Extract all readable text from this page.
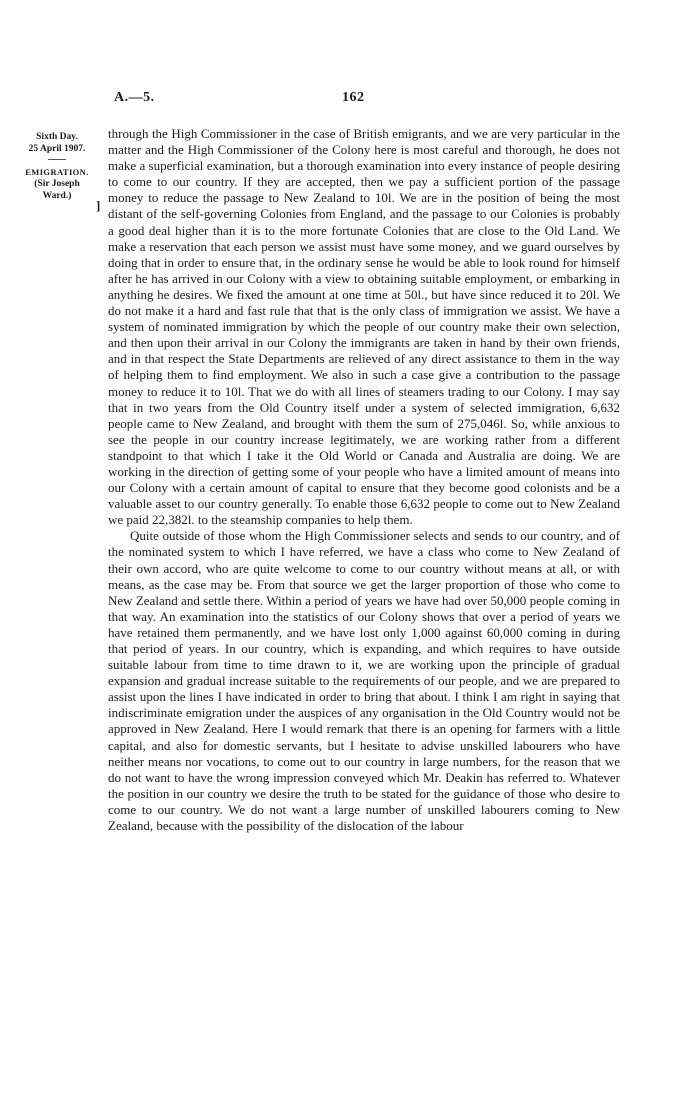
A.—5.	162
Sixth Day.
25 April 1907.
EMIGRATION.
(Sir Joseph
Ward.)
]

through the High Commissioner in the case of British emigrants, and we are very particular in the matter and the High Commissioner of the Colony here is most careful and thorough, he does not make a superficial examination, but a thorough examination into every instance of people desiring to come to our country. If they are accepted, then we pay a sufficient portion of the passage money to reduce the passage to New Zealand to 10l. We are in the position of being the most distant of the self-governing Colonies from England, and the passage to our Colonies is probably a good deal higher than it is to the more fortunate Colonies that are close to the Old Land. We make a reservation that each person we assist must have some money, and we guard ourselves by doing that in order to ensure that, in the ordinary sense he would be able to look round for himself after he has arrived in our Colony with a view to obtaining suitable employment, or embarking in anything he desires. We fixed the amount at one time at 50l., but have since reduced it to 20l. We do not make it a hard and fast rule that that is the only class of immigration we assist. We have a system of nominated immigration by which the people of our country make their own selection, and then upon their arrival in our Colony the immigrants are taken in hand by their own friends, and in that respect the State Departments are relieved of any direct assistance to them in the way of helping them to find employment. We also in such a case give a contribution to the passage money to reduce it to 10l. That we do with all lines of steamers trading to our Colony. I may say that in two years from the Old Country itself under a system of selected immigration, 6,632 people came to New Zealand, and brought with them the sum of 275,046l. So, while anxious to see the people in our country increase legitimately, we are working rather from a different standpoint to that which I take it the Old World or Canada and Australia are doing. We are working in the direction of getting some of your people who have a limited amount of means into our Colony with a certain amount of capital to ensure that they become good colonists and be a valuable asset to our country generally. To enable those 6,632 people to come out to New Zealand we paid 22,382l. to the steamship companies to help them.

Quite outside of those whom the High Commissioner selects and sends to our country, and of the nominated system to which I have referred, we have a class who come to New Zealand of their own accord, who are quite welcome to come to our country without means at all, or with means, as the case may be. From that source we get the larger proportion of those who come to New Zealand and settle there. Within a period of years we have had over 50,000 people coming in that way. An examination into the statistics of our Colony shows that over a period of years we have retained them permanently, and we have lost only 1,000 against 60,000 coming in during that period of years. In our country, which is expanding, and which requires to have outside suitable labour from time to time drawn to it, we are working upon the principle of gradual expansion and gradual increase suitable to the requirements of our people, and we are prepared to assist upon the lines I have indicated in order to bring that about. I think I am right in saying that indiscriminate emigration under the auspices of any organisation in the Old Country would not be approved in New Zealand. Here I would remark that there is an opening for farmers with a little capital, and also for domestic servants, but I hesitate to advise unskilled labourers who have neither means nor vocations, to come out to our country in large numbers, for the reason that we do not want to have the wrong impression conveyed which Mr. Deakin has referred to. Whatever the position in our country we desire the truth to be stated for the guidance of those who desire to come to our country. We do not want a large number of unskilled labourers coming to New Zealand, because with the possibility of the dislocation of the labour
